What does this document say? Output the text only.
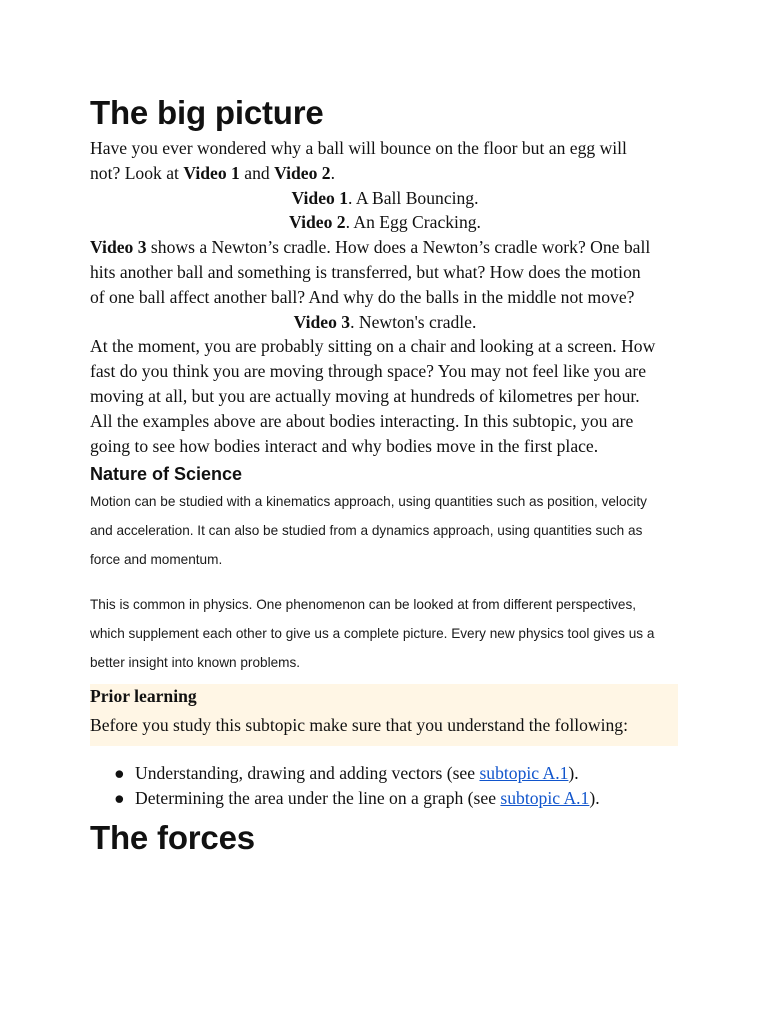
The big picture

Have you ever wondered why a ball will bounce on the floor but an egg will

not? Look at Video 1 and Video 2.

Video 1. A Ball Bouncing.

Video 2. An Egg Cracking.

Video 3 shows a Newton’s cradle. How does a Newton’s cradle work? One ball

hits another ball and something is transferred, but what? How does the motion

of one ball affect another ball? And why do the balls in the middle not move?

Video 3. Newton's cradle.

At the moment, you are probably sitting on a chair and looking at a screen. How

fast do you think you are moving through space? You may not feel like you are

moving at all, but you are actually moving at hundreds of kilometres per hour.

All the examples above are about bodies interacting. In this subtopic, you are

going to see how bodies interact and why bodies move in the first place.

Nature of Science

Motion can be studied with a kinematics approach, using quantities such as position, velocity

and acceleration. It can also be studied from a dynamics approach, using quantities such as

force and momentum.

This is common in physics. One phenomenon can be looked at from different perspectives,

which supplement each other to give us a complete picture. Every new physics tool gives us a

better insight into known problems.

Prior learning

Before you study this subtopic make sure that you understand the following:

● Understanding, drawing and adding vectors (see subtopic A.1).
● Determining the area under the line on a graph (see subtopic A.1).
The forces
